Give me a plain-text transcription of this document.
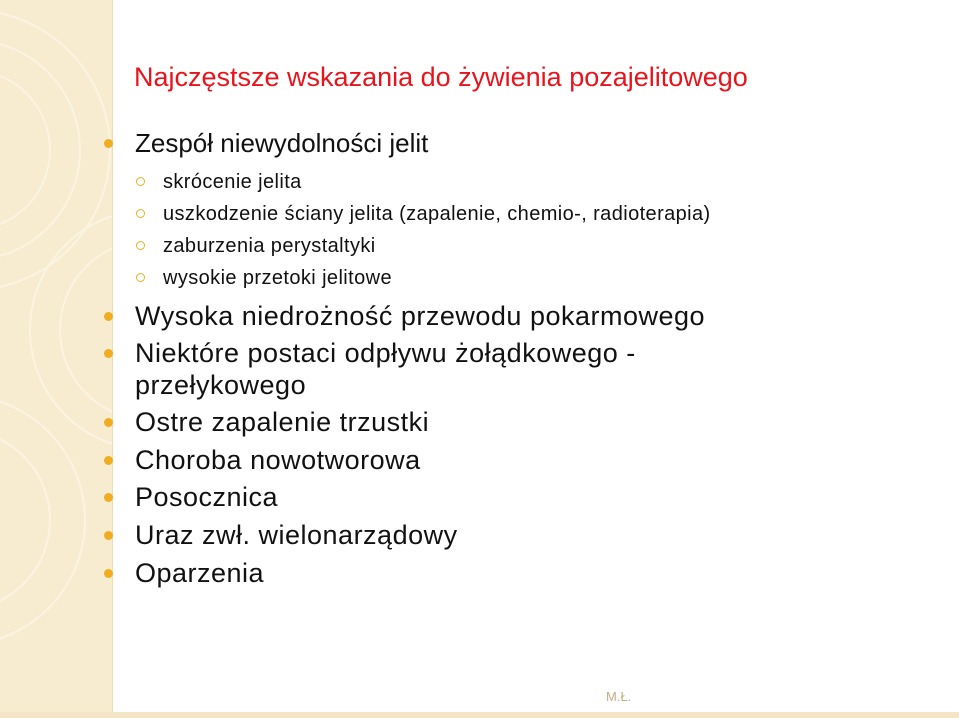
Najczęstsze wskazania do żywienia pozajelitowego
Zespół niewydolności jelit
skrócenie jelita
uszkodzenie ściany jelita (zapalenie, chemio-, radioterapia)
zaburzenia perystaltyki
wysokie przetoki jelitowe
Wysoka niedrożność przewodu pokarmowego
Niektóre postaci odpływu żołądkowego -
przełykowego
Ostre zapalenie trzustki
Choroba nowotworowa
Posocznica
Uraz zwł. wielonarządowy
Oparzenia
M.Ł.
